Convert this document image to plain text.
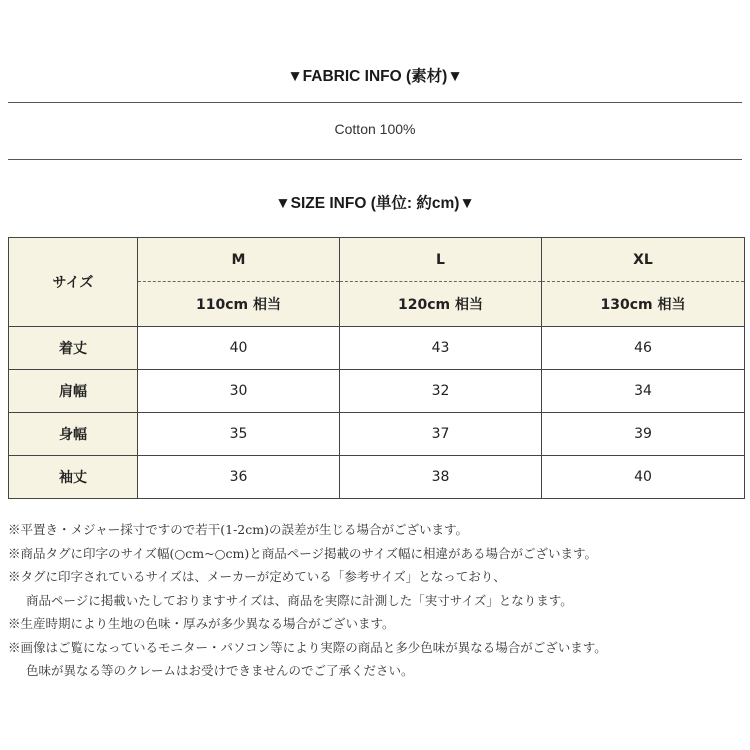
▼FABRIC INFO (素材)▼
Cotton 100%
▼SIZE INFO (単位: 約cm)▼
サイズ	M	L	XL
	110cm 相当	120cm 相当	130cm 相当
着丈	40	43	46
肩幅	30	32	34
身幅	35	37	39
袖丈	36	38	40
※平置き・メジャー採寸ですので若干(1-2cm)の誤差が生じる場合がございます。
※商品タグに印字のサイズ幅(○cm~○cm)と商品ページ掲載のサイズ幅に相違がある場合がございます。
※タグに印字されているサイズは、メーカーが定めている「参考サイズ」となっており、
商品ページに掲載いたしておりますサイズは、商品を実際に計測した「実寸サイズ」となります。
※生産時期により生地の色味・厚みが多少異なる場合がございます。
※画像はご覧になっているモニター・パソコン等により実際の商品と多少色味が異なる場合がございます。
色味が異なる等のクレームはお受けできませんのでご了承ください。
